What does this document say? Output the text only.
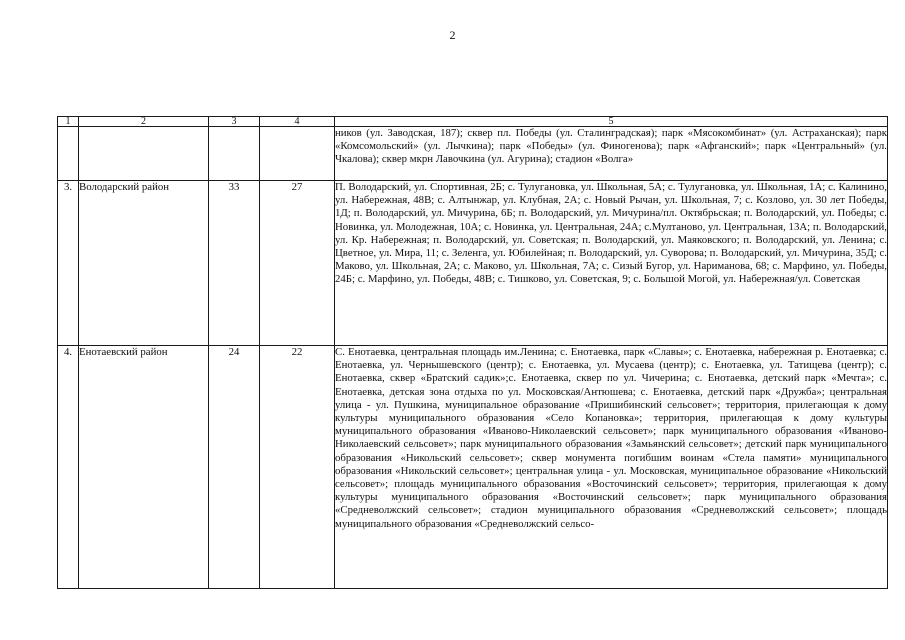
2
1	2	3	4	5
				ников (ул. Заводская, 187); сквер пл. Победы (ул. Сталинградская); парк «Мясокомбинат» (ул. Астраханская); парк «Комсомольский» (ул. Лычкина); парк «Победы» (ул. Финогенова); парк «Афганский»; парк «Центральный» (ул. Чкалова); сквер мкрн Лавочкина (ул. Агурина); стадион «Волга»
3.	Володарский район	33	27	П. Володарский, ул. Спортивная, 2Б; с. Тулугановка, ул. Школьная, 5А; с. Тулугановка, ул. Школьная, 1А; с. Калинино, ул. Набережная, 48В; с. Алтынжар, ул. Клубная, 2А; с. Новый Рычан, ул. Школьная, 7; с. Козлово, ул. 30 лет Победы, 1Д; п. Володарский, ул. Мичурина, 6Б; п. Володарский, ул. Мичурина/пл. Октябрьская; п. Володарский, ул. Победы; с. Новинка, ул. Молодежная, 10А; с. Новинка, ул. Центральная, 24А; с.Мултаново, ул. Центральная, 13А; п. Володарский, ул. Кр. Набережная; п. Володарский, ул. Советская; п. Володарский, ул. Маяковского; п. Володарский, ул. Ленина; с. Цветное, ул. Мира, 11; с. Зеленга, ул. Юбилейная; п. Володарский, ул. Суворова; п. Володарский, ул. Мичурина, 35Д; с. Маково, ул. Школьная, 2А; с. Маково, ул. Школьная, 7А; с. Сизый Бугор, ул. Нариманова, 68; с. Марфино, ул. Победы, 24Б; с. Марфино, ул. Победы, 48В; с. Тишково, ул. Советская, 9; с. Большой Могой, ул. Набережная/ул. Советская
4.	Енотаевский район	24	22	С. Енотаевка, центральная площадь им.Ленина; с. Енотаевка, парк «Славы»; с. Енотаевка, набережная р. Енотаевка; с. Енотаевка, ул. Чернышевского (центр); с. Енотаевка, ул. Мусаева (центр); с. Енотаевка, ул. Татищева (центр); с. Енотаевка, сквер «Братский садик»;с. Енотаевка, сквер по ул. Чичерина; с. Енотаевка, детский парк «Мечта»; с. Енотаевка, детская зона отдыха по ул. Московская/Антюшева; с. Енотаевка, детский парк «Дружба»; центральная улица - ул. Пушкина, муниципальное образование «Пришибинский сельсовет»; территория, прилегающая к дому культуры муниципального образования «Село Копановка»; территория, прилегающая к дому культуры муниципального образования «Ивановo-Николаевский сельсовет»; парк муниципального образования «Ивановo-Николаевский сельсовет»; парк муниципального образования «Замьянский сельсовет»; детский парк муниципального образования «Никольский сельсовет»; сквер монумента погибшим воинам «Стела памяти» муниципального образования «Никольский сельсовет»; центральная улица - ул. Московская, муниципальное образование «Никольский сельсовет»; площадь муниципального образования «Восточинский сельсовет»; территория, прилегающая к дому культуры муниципального образования «Восточинский сельсовет»; парк муниципального образования «Средневолжский сельсовет»; стадион муниципального образования «Средневолжский сельсовет»; площадь муниципального образования «Средневолжский сельсо-
